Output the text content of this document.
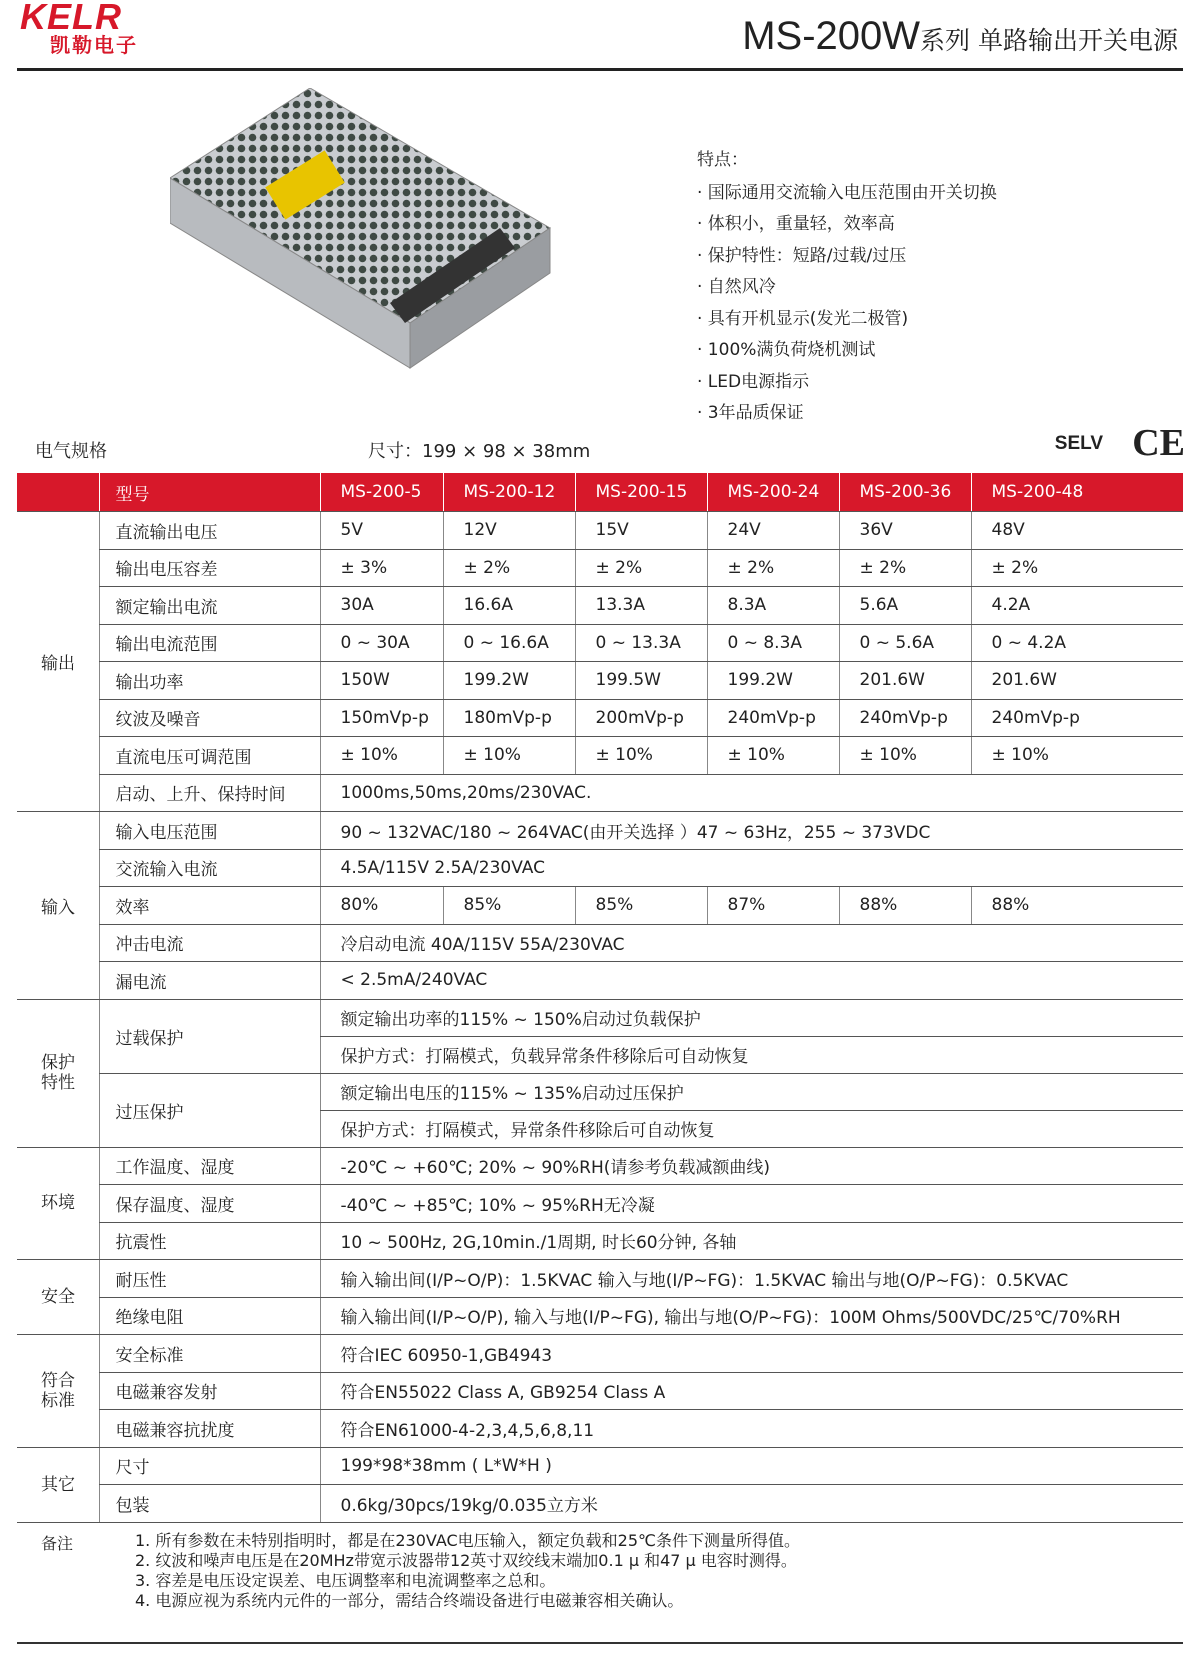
KELR
凯勒电子	MS-200W系列 单路输出开关电源
特点：
· 国际通用交流输入电压范围由开关切换
· 体积小，重量轻，效率高
· 保护特性：短路/过载/过压
· 自然风冷
· 具有开机显示(发光二极管)
· 100%满负荷烧机测试
· LED电源指示
· 3年品质保证
电气规格	尺寸：199 × 98 × 38mm	SELV CE
	型号	MS-200-5	MS-200-12	MS-200-15	MS-200-24	MS-200-36	MS-200-48
输出	直流输出电压	5V	12V	15V	24V	36V	48V
	输出电压容差	± 3%	± 2%	± 2%	± 2%	± 2%	± 2%
	额定输出电流	30A	16.6A	13.3A	8.3A	5.6A	4.2A
	输出电流范围	0 ~ 30A	0 ~ 16.6A	0 ~ 13.3A	0 ~ 8.3A	0 ~ 5.6A	0 ~ 4.2A
	输出功率	150W	199.2W	199.5W	199.2W	201.6W	201.6W
	纹波及噪音	150mVp-p	180mVp-p	200mVp-p	240mVp-p	240mVp-p	240mVp-p
	直流电压可调范围	± 10%	± 10%	± 10%	± 10%	± 10%	± 10%
	启动、上升、保持时间	1000ms,50ms,20ms/230VAC.					
输入	输入电压范围	90 ~ 132VAC/180 ~ 264VAC(由开关选择 ）47 ~ 63Hz，255 ~ 373VDC					
	交流输入电流	4.5A/115V 2.5A/230VAC					
	效率	80%	85%	85%	87%	88%	88%
	冲击电流	冷启动电流 40A/115V 55A/230VAC					
	漏电流	< 2.5mA/240VAC					
保护
特性	过载保护	额定输出功率的115% ~ 150%启动过负载保护					
		保护方式：打隔模式，负载异常条件移除后可自动恢复					
	过压保护	额定输出电压的115% ~ 135%启动过压保护					
		保护方式：打隔模式，异常条件移除后可自动恢复					
环境	工作温度、湿度	-20℃ ~ +60℃; 20% ~ 90%RH(请参考负载减额曲线)					
	保存温度、湿度	-40℃ ~ +85℃; 10% ~ 95%RH无冷凝					
	抗震性	10 ~ 500Hz, 2G,10min./1周期, 时长60分钟, 各轴					
安全	耐压性	输入输出间(I/P~O/P)：1.5KVAC 输入与地(I/P~FG)：1.5KVAC 输出与地(O/P~FG)：0.5KVAC					
	绝缘电阻	输入输出间(I/P~O/P), 输入与地(I/P~FG), 输出与地(O/P~FG)：100M Ohms/500VDC/25℃/70%RH					
符合
标准	安全标准	符合IEC 60950-1,GB4943					
	电磁兼容发射	符合EN55022 Class A, GB9254 Class A					
	电磁兼容抗扰度	符合EN61000-4-2,3,4,5,6,8,11					
其它	尺寸	199*98*38mm ( L*W*H )					
	包装	0.6kg/30pcs/19kg/0.035立方米					
备注	1. 所有参数在未特别指明时，都是在230VAC电压输入，额定负载和25℃条件下测量所得值。
2. 纹波和噪声电压是在20MHz带宽示波器带12英寸双绞线末端加0.1 μ 和47 μ 电容时测得。
3. 容差是电压设定误差、电压调整率和电流调整率之总和。
4. 电源应视为系统内元件的一部分，需结合终端设备进行电磁兼容相关确认。
